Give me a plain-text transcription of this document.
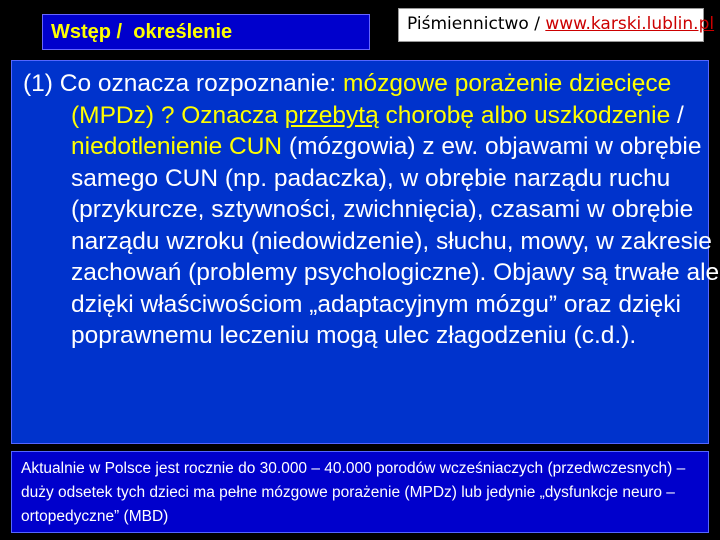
Wstęp /  określenie	Piśmiennictwo / www.karski.lublin.pl
(1) Co oznacza rozpoznanie: mózgowe porażenie dziecięce (MPDz) ? Oznacza przebytą chorobę albo uszkodzenie / niedotlenienie CUN (mózgowia) z ew. objawami w obrębie samego CUN (np. padaczka), w obrębie narządu ruchu (przykurcze, sztywności, zwichnięcia), czasami w obrębie narządu wzroku (niedowidzenie), słuchu, mowy, w zakresie zachowań (problemy psychologiczne). Objawy są trwałe ale dzięki właściwościom „adaptacyjnym mózgu” oraz dzięki poprawnemu leczeniu mogą ulec złagodzeniu (c.d.).
Aktualnie w Polsce jest rocznie do 30.000 – 40.000 porodów wcześniaczych (przedwczesnych) – duży odsetek tych dzieci ma pełne mózgowe porażenie (MPDz) lub jedynie „dysfunkcje neuro – ortopedyczne” (MBD)
